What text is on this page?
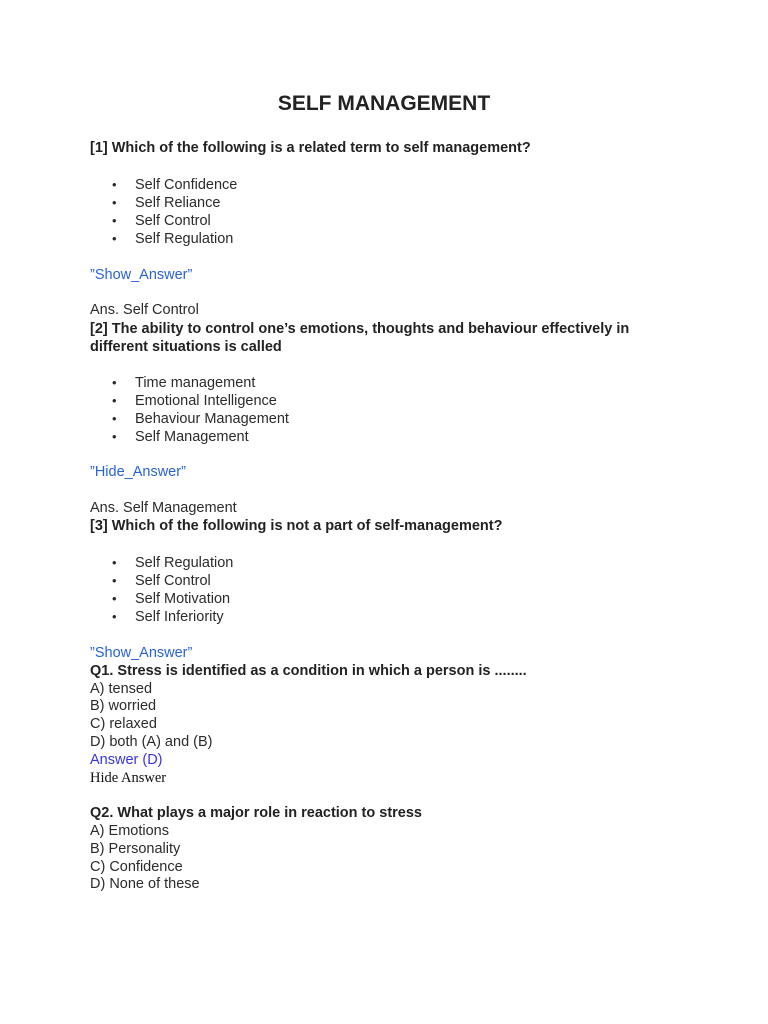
SELF MANAGEMENT
[1] Which of the following is a related term to self management?
• Self Confidence
• Self Reliance
• Self Control
• Self Regulation
”Show_Answer”
Ans. Self Control
[2] The ability to control one’s emotions, thoughts and behaviour effectively in different situations is called
• Time management
• Emotional Intelligence
• Behaviour Management
• Self Management
”Hide_Answer”
Ans. Self Management
[3] Which of the following is not a part of self-management?
• Self Regulation
• Self Control
• Self Motivation
• Self Inferiority
”Show_Answer”
Q1. Stress is identified as a condition in which a person is ........
A) tensed
B) worried
C) relaxed
D) both (A) and (B)
Answer (D)
Hide Answer
Q2. What plays a major role in reaction to stress
A) Emotions
B) Personality
C) Confidence
D) None of these
